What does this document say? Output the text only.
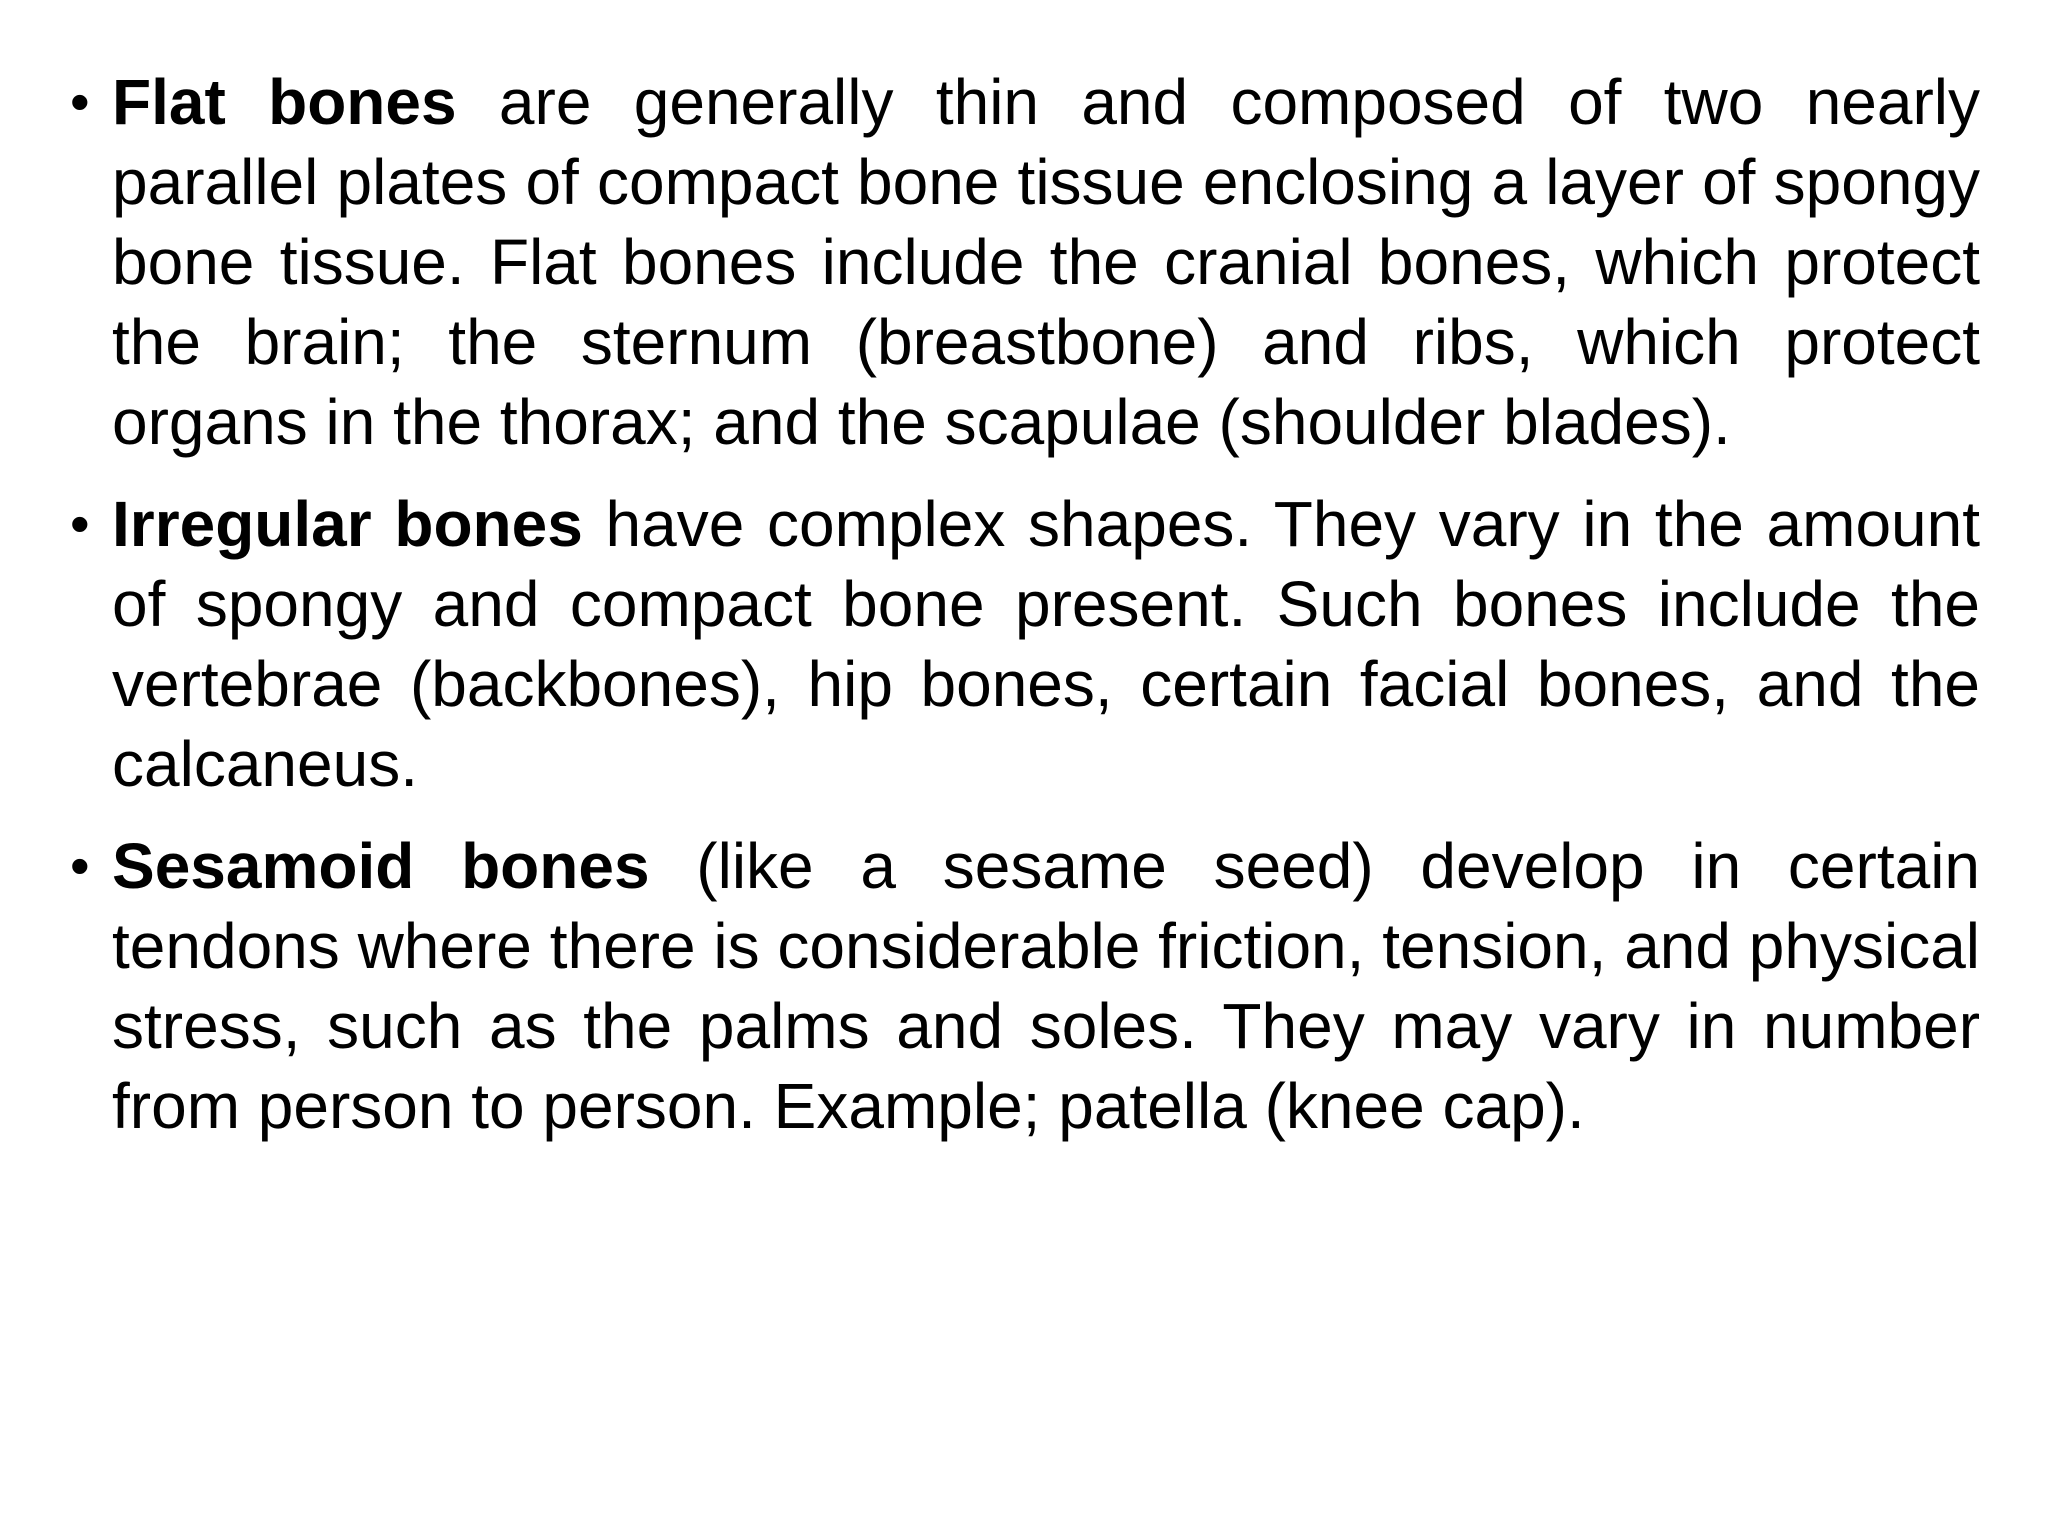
• Flat bones are generally thin and composed of two nearly parallel plates of compact bone tissue enclosing a layer of spongy bone tissue. Flat bones include the cranial bones, which protect the brain; the sternum (breastbone) and ribs, which protect organs in the thorax; and the scapulae (shoulder blades).
• Irregular bones have complex shapes. They vary in the amount of spongy and compact bone present. Such bones include the vertebrae (backbones), hip bones, certain facial bones, and the calcaneus.
• Sesamoid bones (like a sesame seed) develop in certain tendons where there is considerable friction, tension, and physical stress, such as the palms and soles. They may vary in number from person to person. Example; patella (knee cap).
